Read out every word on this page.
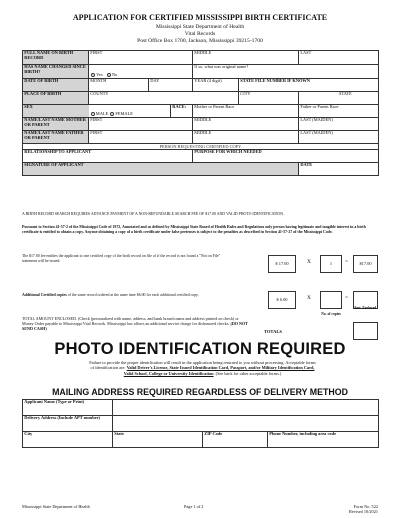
APPLICATION FOR CERTIFIED MISSISSIPPI BIRTH CERTIFICATE
Mississippi State Department of Health
Vital Records
Post Office Box 1700, Jackson, Mississippi 39215-1700
FULL NAME ON BIRTH RECORD	FIRST			MIDDLE		LAST
HAS NAME CHANGED SINCE BIRTH?	Yes No			If so, what was original name?		
DATE OF BIRTH	MONTH	DAY		YEAR (4 digit)	STATE FILE NUMBER IF KNOWN	
PLACE OF BIRTH	COUNTY				CITY	STATE
SEX	MALE FEMALE		RACE:	Mother or Parent Race		Father or Parent Race
NAME/LAST NAME MOTHER OR PARENT	FIRST			MIDDLE		LAST (MAIDEN)
NAME/LAST NAME FATHER OR PARENT	FIRST			MIDDLE		LAST (MAIDEN)
PERSON REQUESTING CERTIFIED COPY						
RELATIONSHIP TO APPLICANT				PURPOSE FOR WHICH NEEDED		
SIGNATURE OF APPLICANT						DATE
A BIRTH RECORD SEARCH REQUIRES ADVANCE PAYMENT OF A NON-REFUNDABLE SEARCH FEE OF $17.00 AND VALID PHOTO IDENTIFICATION.
Pursuant to Section 41-57-2 of the Mississippi Code of 1972, Annotated and as defined by Mississippi State Board of Health Rules and Regulations only person having legitimate and tangible interest in a birth certificate is entitled to obtain a copy. Anyone obtaining a copy of a birth certificate under false pretenses is subject to the penalties as described in Section 41-57-27 of the Mississippi Code.
The $17.00 fee entitles the applicant to one certified copy of the birth record on file of if the record is not found a "Not on File" statement will be issued.
$ 17.00	X	1	=	$17.00
Additional Certified copies of the same record ordered at the same time $6.00 for each additional certified copy.
$ 6.00	X	=
No. of copies
Amt. Enclosed
TOTAL AMOUNT ENCLOSED. (Check (personalized with name, address, and bank branch name and address printed on check) or Money Order payable to Mississippi Vital Records. Mississippi law allows an additional service charge for dishonored checks. (DO NOT SEND CASH)
TOTALS
PHOTO IDENTIFICATION REQUIRED
Failure to provide the proper identification will result in the application being returned to you without processing. Acceptable forms
of identification are: Valid Driver's License, State Issued Identification Card, Passport, and/or Military Identification Card,
Valid School, College or University Identification. (See back for other acceptable forms.)
MAILING ADDRESS REQUIRED REGARDLESS OF DELIVERY METHOD
Applicant Name (Type or Print)			
Delivery Address (Include APT number)			
City	State	ZIP Code	Phone Number, including area code
Mississippi State Department of Health	Page 1 of 2	Form No. 522
Revised 10/2021
